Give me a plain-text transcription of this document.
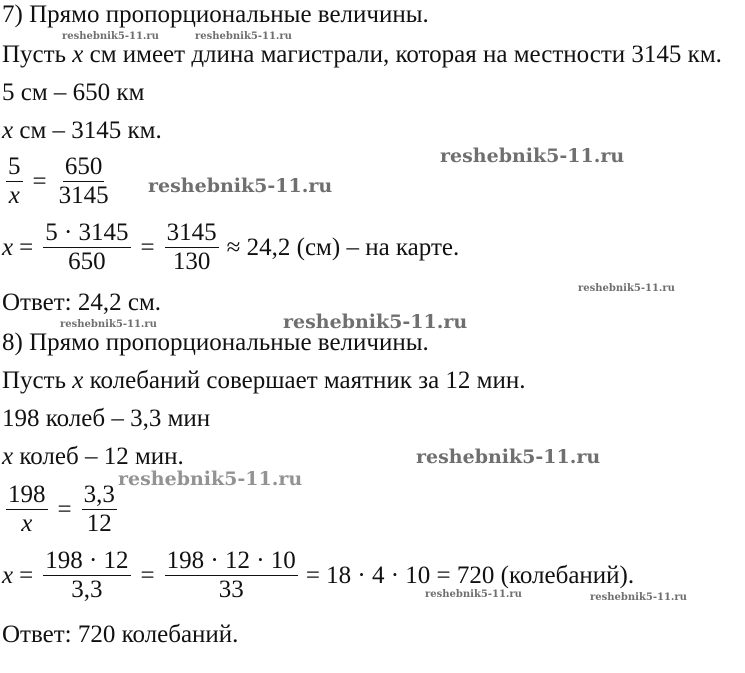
7) Прямо пропорциональные величины.
Пусть x см имеет длина магистрали, которая на местности 3145 км.
5 см – 650 км
x см – 3145 км.
$\frac{5}{x} = \frac{650}{3145}$
$x = \frac{5 \cdot 3145}{650} = \frac{3145}{130} \approx 24,2$ (см) – на карте.
Ответ: 24,2 см.
8) Прямо пропорциональные величины.
Пусть x колебаний совершает маятник за 12 мин.
198 колеб – 3,3 мин
x колеб – 12 мин.
$\frac{198}{x} = \frac{3,3}{12}$
$x = \frac{198 \cdot 12}{3,3} = \frac{198 \cdot 12 \cdot 10}{33} = 18 \cdot 4 \cdot 10 = 720$ (колебаний).
Ответ: 720 колебаний.
reshebnik5-11.ru	reshebnik5-11.ru
reshebnik5-11.ru
reshebnik5-11.ru
reshebnik5-11.ru
reshebnik5-11.ru
reshebnik5-11.ru
reshebnik5-11.ru
reshebnik5-11.ru
reshebnik5-11.ru	reshebnik5-11.ru
